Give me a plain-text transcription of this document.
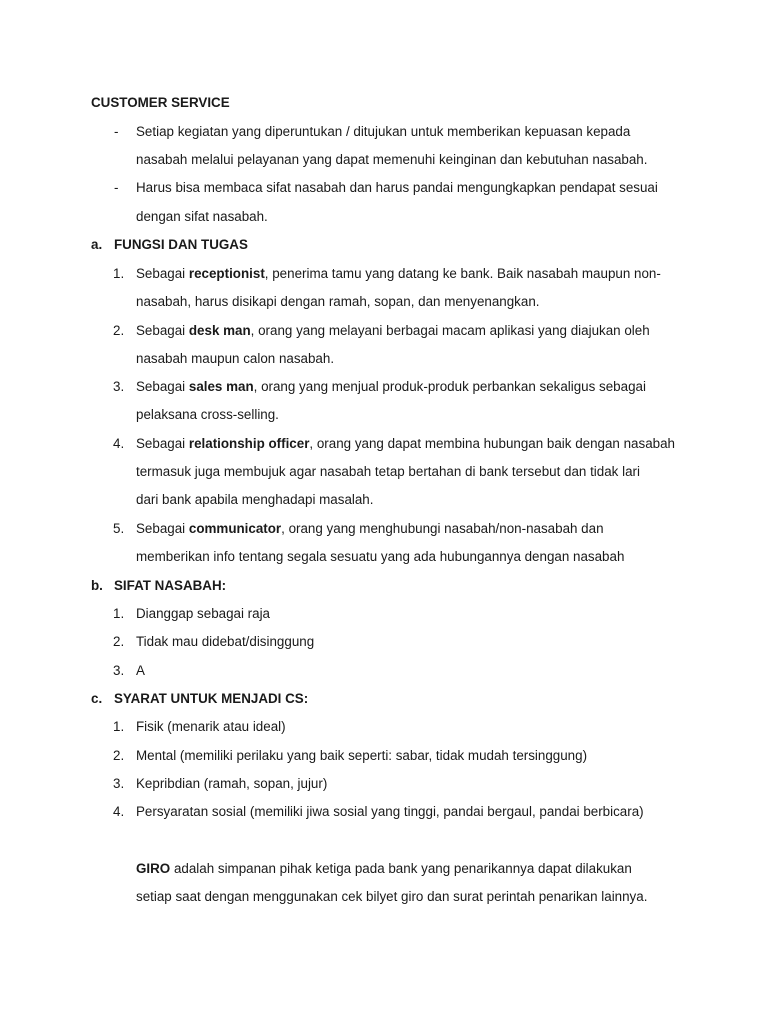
CUSTOMER SERVICE
- Setiap kegiatan yang diperuntukan / ditujukan untuk memberikan kepuasan kepada
nasabah melalui pelayanan yang dapat memenuhi keinginan dan kebutuhan nasabah.
- Harus bisa membaca sifat nasabah dan harus pandai mengungkapkan pendapat sesuai
dengan sifat nasabah.
a. FUNGSI DAN TUGAS
1. Sebagai receptionist, penerima tamu yang datang ke bank. Baik nasabah maupun non-
nasabah, harus disikapi dengan ramah, sopan, dan menyenangkan.
2. Sebagai desk man, orang yang melayani berbagai macam aplikasi yang diajukan oleh
nasabah maupun calon nasabah.
3. Sebagai sales man, orang yang menjual produk-produk perbankan sekaligus sebagai
pelaksana cross-selling.
4. Sebagai relationship officer, orang yang dapat membina hubungan baik dengan nasabah
termasuk juga membujuk agar nasabah tetap bertahan di bank tersebut dan tidak lari
dari bank apabila menghadapi masalah.
5. Sebagai communicator, orang yang menghubungi nasabah/non-nasabah dan
memberikan info tentang segala sesuatu yang ada hubungannya dengan nasabah
b. SIFAT NASABAH:
1. Dianggap sebagai raja
2. Tidak mau didebat/disinggung
3. A
c. SYARAT UNTUK MENJADI CS:
1. Fisik (menarik atau ideal)
2. Mental (memiliki perilaku yang baik seperti: sabar, tidak mudah tersinggung)
3. Kepribdian (ramah, sopan, jujur)
4. Persyaratan sosial (memiliki jiwa sosial yang tinggi, pandai bergaul, pandai berbicara)
GIRO adalah simpanan pihak ketiga pada bank yang penarikannya dapat dilakukan
setiap saat dengan menggunakan cek bilyet giro dan surat perintah penarikan lainnya.
